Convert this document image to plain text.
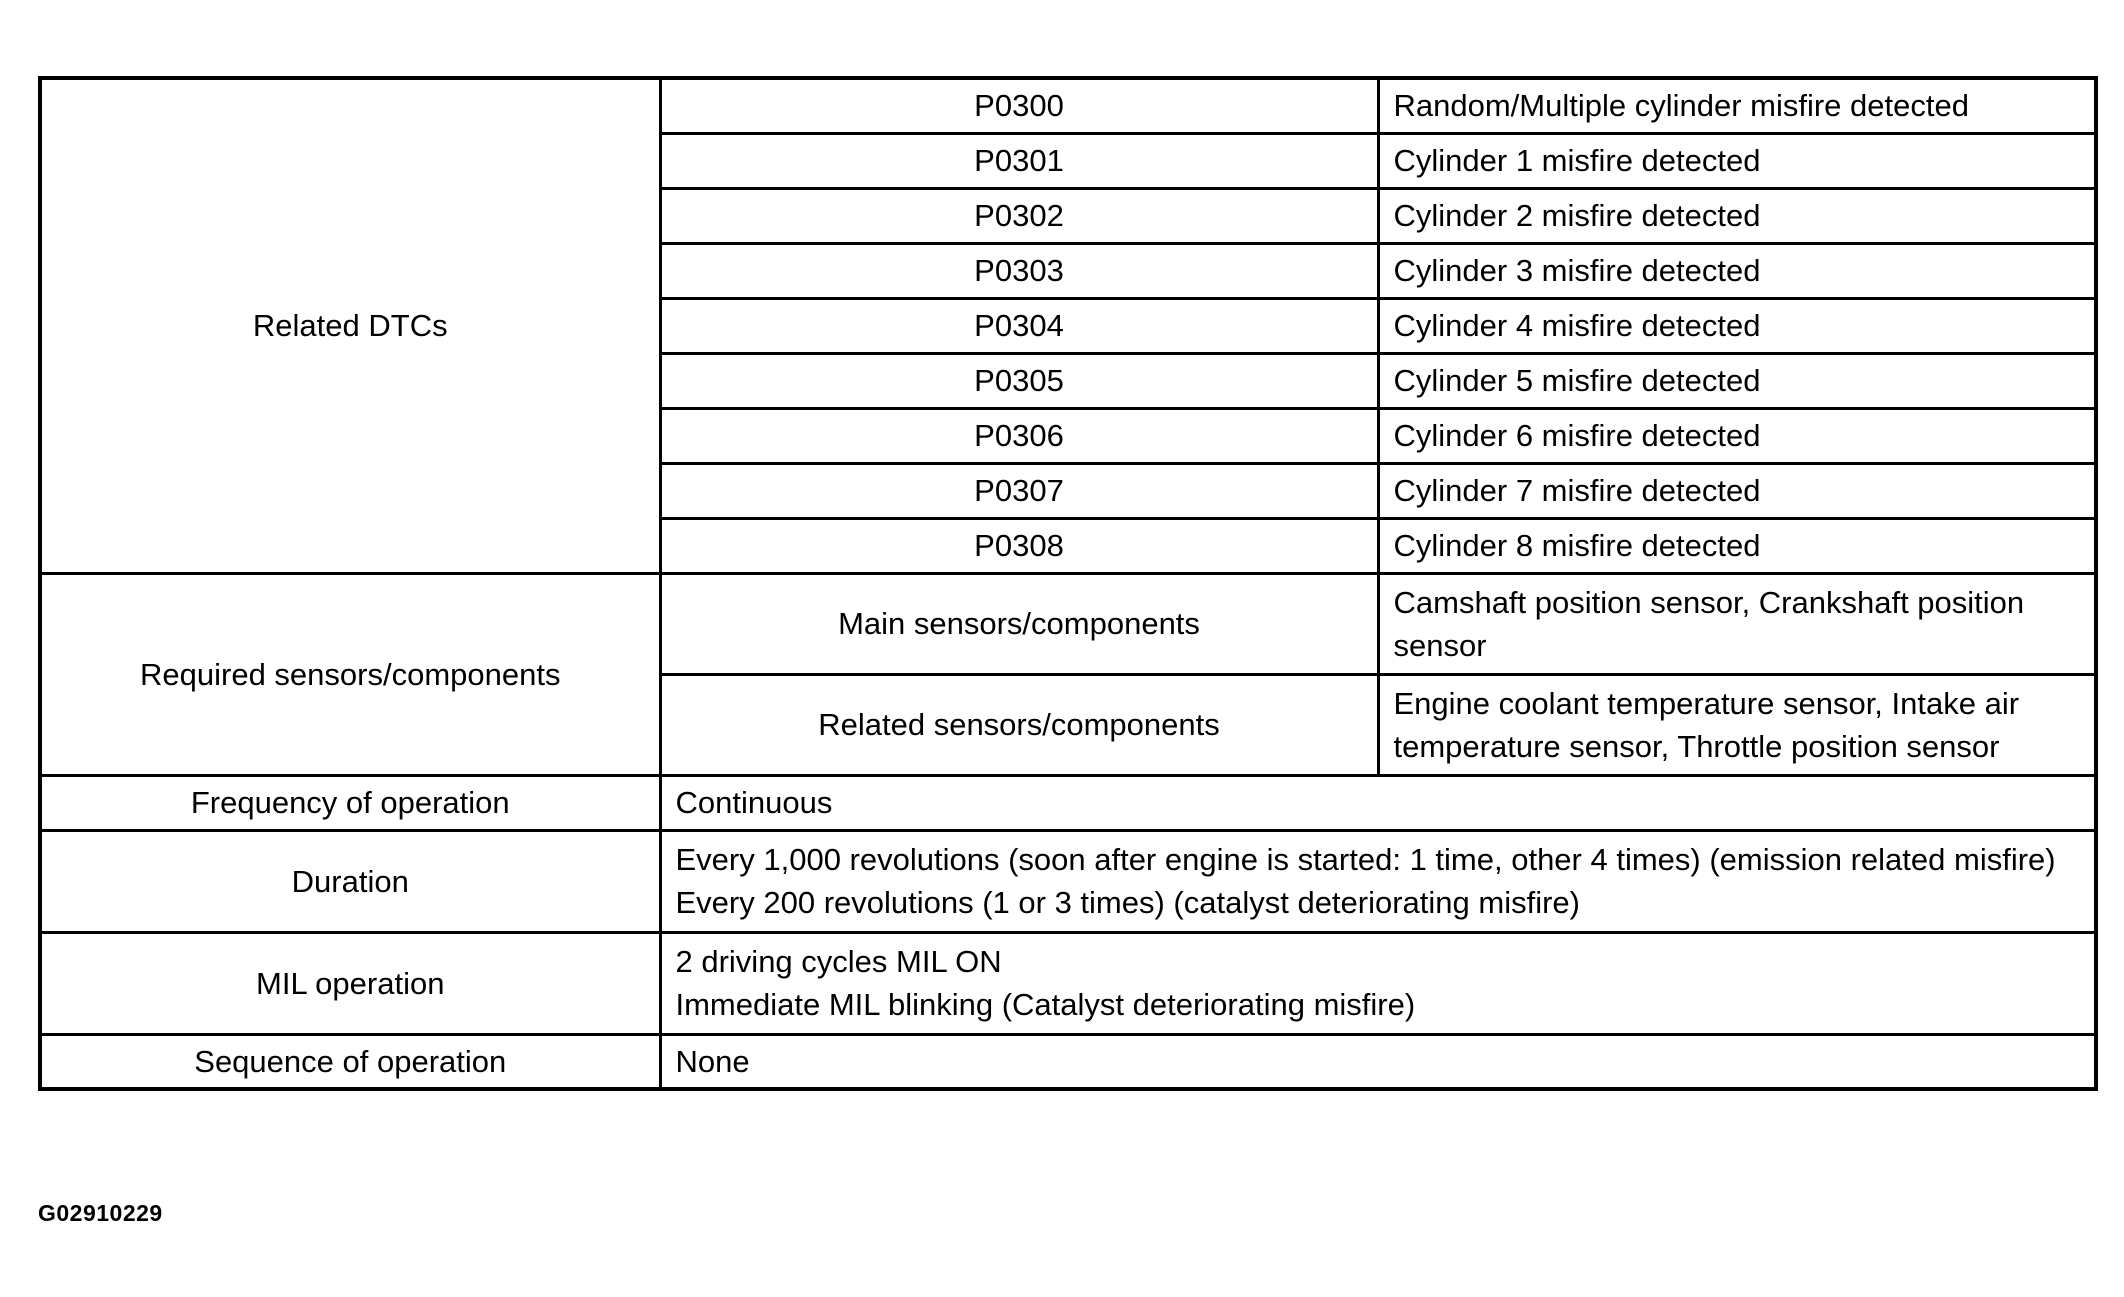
Related DTCs	P0300	Random/Multiple cylinder misfire detected
	P0301	Cylinder 1 misfire detected
	P0302	Cylinder 2 misfire detected
	P0303	Cylinder 3 misfire detected
	P0304	Cylinder 4 misfire detected
	P0305	Cylinder 5 misfire detected
	P0306	Cylinder 6 misfire detected
	P0307	Cylinder 7 misfire detected
	P0308	Cylinder 8 misfire detected
Required sensors/components	Main sensors/components	Camshaft position sensor, Crankshaft position sensor
	Related sensors/components	Engine coolant temperature sensor, Intake air temperature sensor, Throttle position sensor
Frequency of operation	Continuous	
Duration	Every 1,000 revolutions (soon after engine is started: 1 time, other 4 times) (emission related misfire)
Every 200 revolutions (1 or 3 times) (catalyst deteriorating misfire)	

MIL operation	2 driving cycles MIL ON
Immediate MIL blinking (Catalyst deteriorating misfire)	

Sequence of operation	None	
G02910229
